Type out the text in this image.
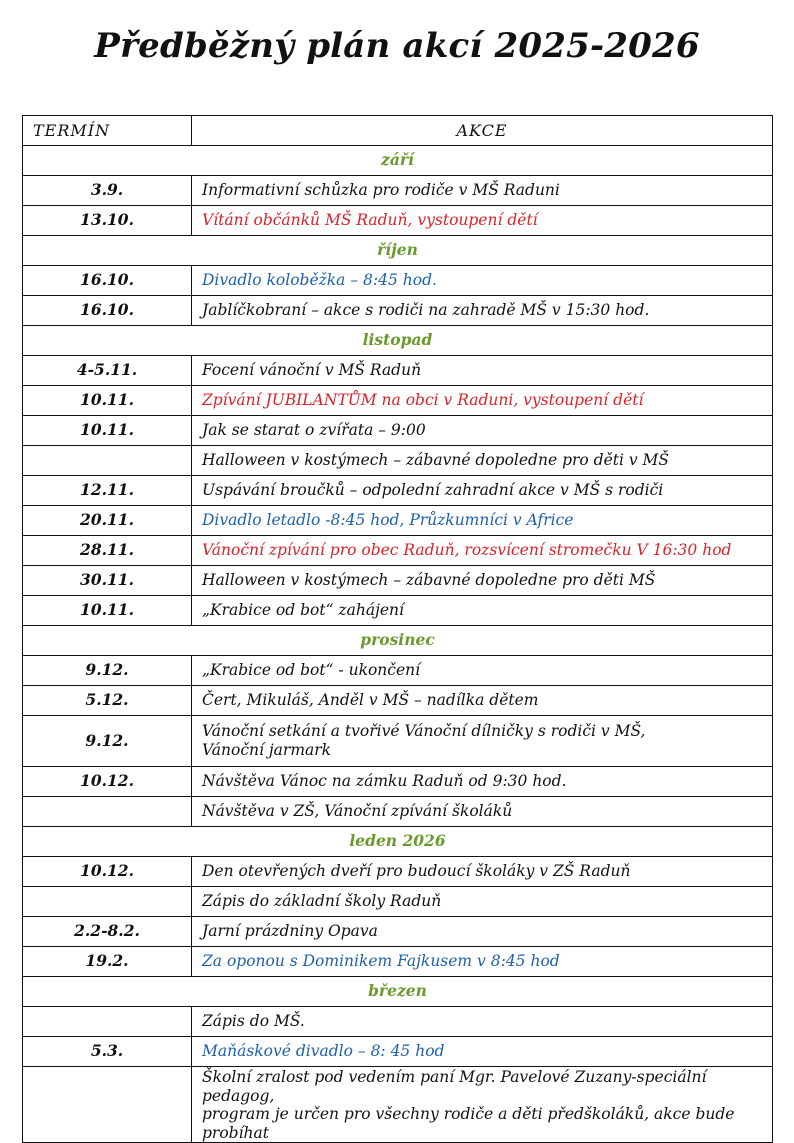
Předběžný plán akcí 2025-2026
TERMÍN	AKCE
září	
3.9.	Informativní schůzka pro rodiče v MŠ Raduni
13.10.	Vítání občánků MŠ Raduň, vystoupení dětí
říjen	
16.10.	Divadlo koloběžka – 8:45 hod.
16.10.	Jablíčkobraní – akce s rodiči na zahradě MŠ v 15:30 hod.
listopad	
4-5.11.	Focení vánoční v MŠ Raduň
10.11.	Zpívání JUBILANTŮM na obci v Raduni, vystoupení dětí
10.11.	Jak se starat o zvířata – 9:00
	Halloween v kostýmech – zábavné dopoledne pro děti v MŠ
12.11.	Uspávání broučků – odpolední zahradní akce v MŠ s rodiči
20.11.	Divadlo letadlo -8:45 hod, Průzkumníci v Africe
28.11.	Vánoční zpívání pro obec Raduň, rozsvícení stromečku V 16:30 hod
30.11.	Halloween v kostýmech – zábavné dopoledne pro děti MŠ
10.11.	„Krabice od bot“ zahájení
prosinec	
9.12.	„Krabice od bot“ - ukončení
5.12.	Čert, Mikuláš, Anděl v MŠ – nadílka dětem
9.12.	Vánoční setkání a tvořivé Vánoční dílničky s rodiči v MŠ,
Vánoční jarmark
10.12.	Návštěva Vánoc na zámku Raduň od 9:30 hod.
	Návštěva v ZŠ, Vánoční zpívání školáků
leden 2026	
10.12.	Den otevřených dveří pro budoucí školáky v ZŠ Raduň
	Zápis do základní školy Raduň
2.2-8.2.	Jarní prázdniny Opava
19.2.	Za oponou s Dominikem Fajkusem v 8:45 hod
březen	
	Zápis do MŠ.
5.3.	Maňáskové divadlo – 8: 45 hod
	Školní zralost pod vedením paní Mgr. Pavelové Zuzany-speciální pedagog,
program je určen pro všechny rodiče a děti předškoláků, akce bude probíhat
